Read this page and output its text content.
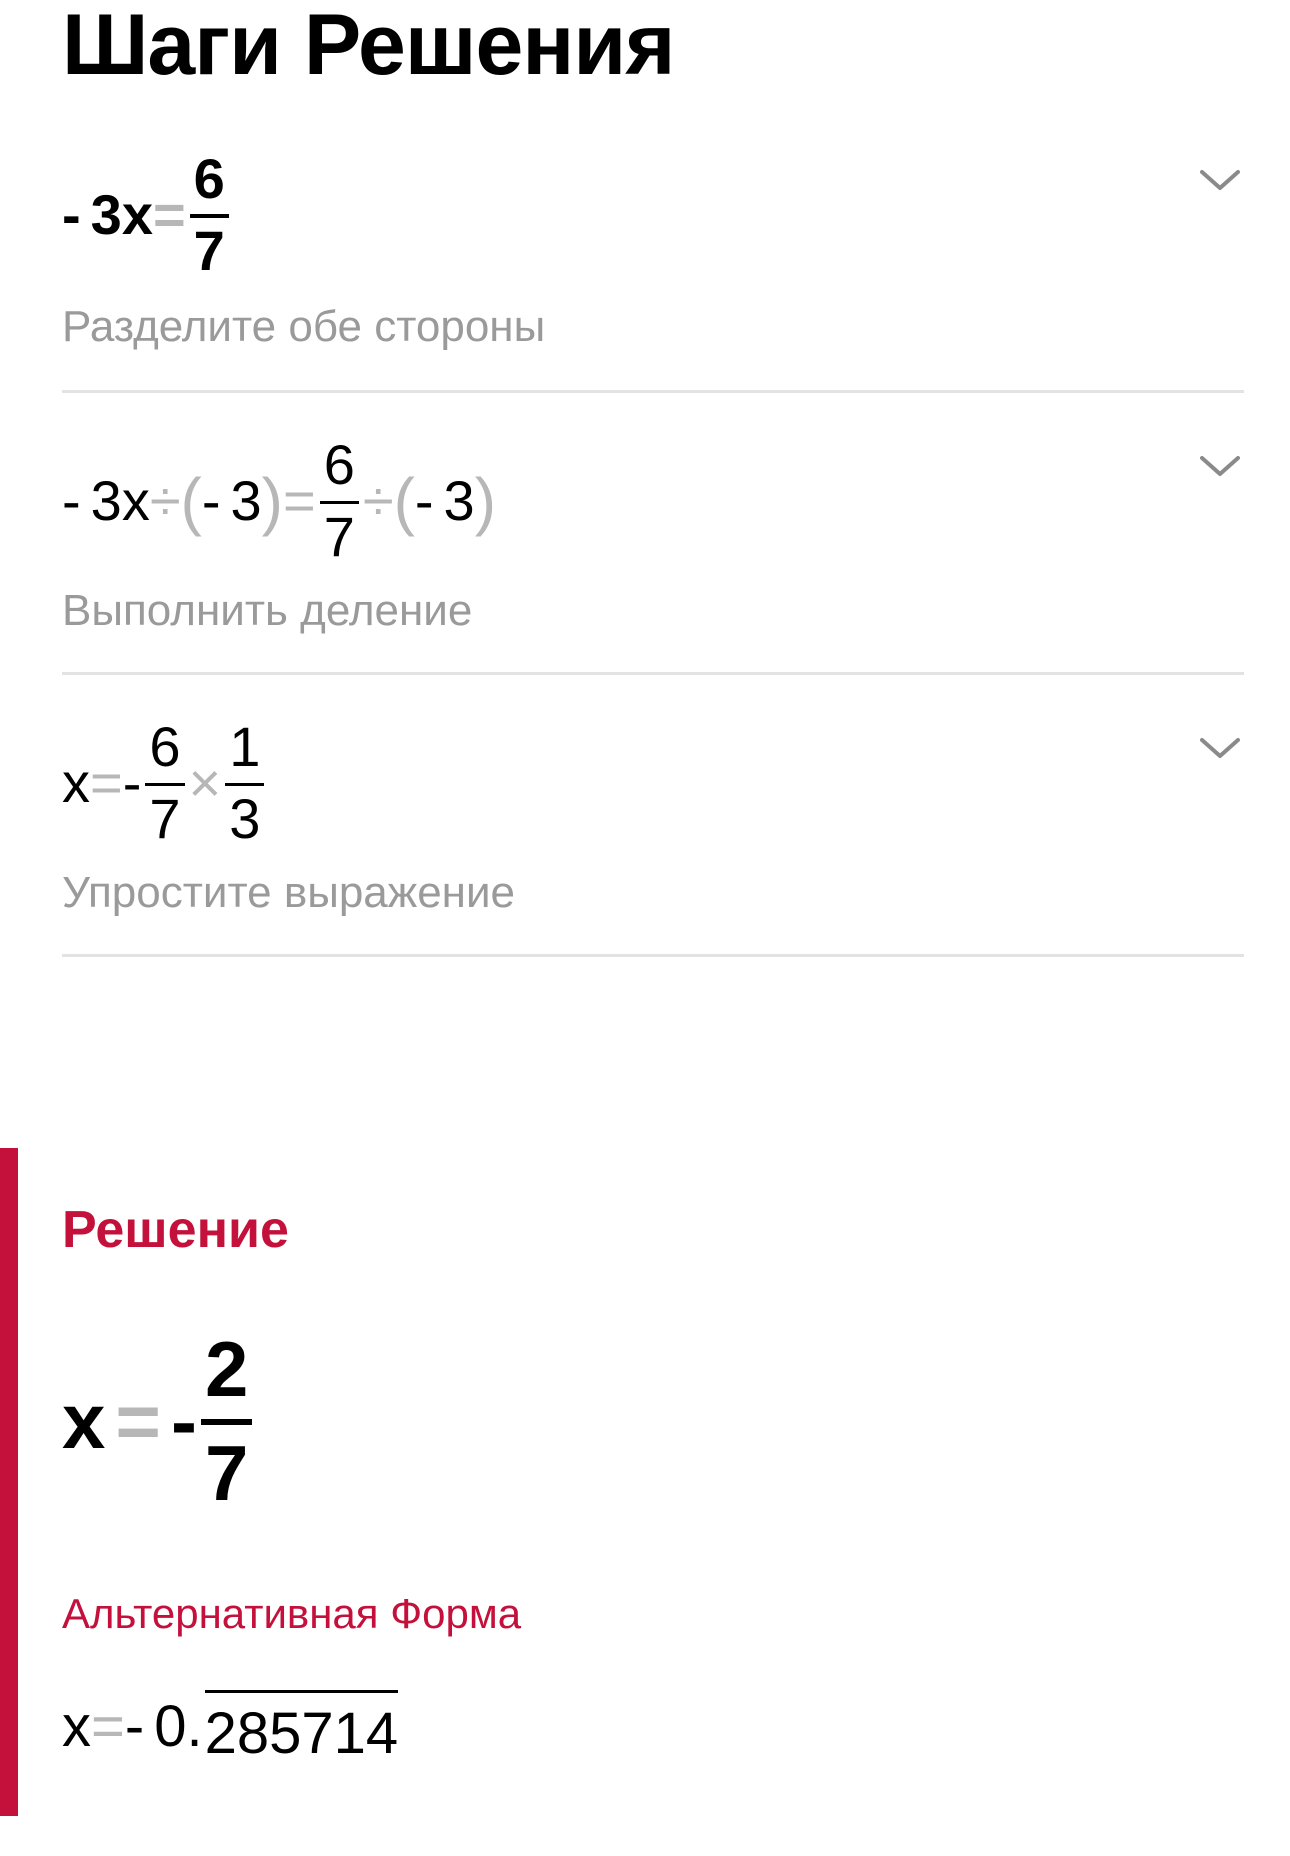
Шаги Решения
- 3 $x = \frac{6}{7}$
Разделите обе стороны
- 3 x ÷ ( - 3 ) = $\frac{6}{7}$ ÷ ( - 3 )
Выполнить деление
x = - $\frac{6}{7} \times \frac{1}{3}$
Упростите выражение
Решение
x = -
2
7
Альтернативная Форма
x = - 0. 285714
